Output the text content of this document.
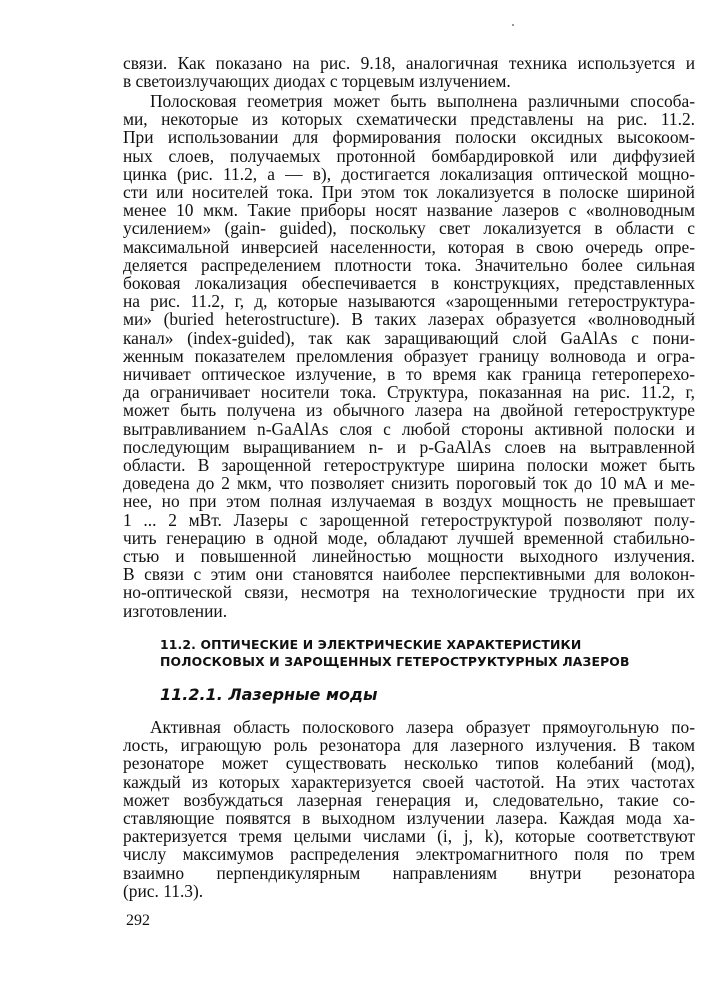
связи. Как показано на рис. 9.18, аналогичная техника используется и
в светоизлучающих диодах с торцевым излучением.
Полосковая геометрия может быть выполнена различными способа-
ми, некоторые из которых схематически представлены на рис. 11.2.
При использовании для формирования полоски оксидных высокоом-
ных слоев, получаемых протонной бомбардировкой или диффузией
цинка (рис. 11.2, а — в), достигается локализация оптической мощно-
сти или носителей тока. При этом ток локализуется в полоске шириной
менее 10 мкм. Такие приборы носят название лазеров с «волноводным
усилением» (gain- guided), поскольку свет локализуется в области с
максимальной инверсией населенности, которая в свою очередь опре-
деляется распределением плотности тока. Значительно более сильная
боковая локализация обеспечивается в конструкциях, представленных
на рис. 11.2, г, д, которые называются «зарощенными гетероструктура-
ми» (buried heterostructure). В таких лазерах образуется «волноводный
канал» (index-guided), так как заращивающий слой GaAlAs с пони-
женным показателем преломления образует границу волновода и огра-
ничивает оптическое излучение, в то время как граница гетероперехо-
да ограничивает носители тока. Структура, показанная на рис. 11.2, г,
может быть получена из обычного лазера на двойной гетероструктуре
вытравливанием n-GaAlAs слоя с любой стороны активной полоски и
последующим выращиванием n- и p-GaAlAs слоев на вытравленной
области. В зарощенной гетероструктуре ширина полоски может быть
доведена до 2 мкм, что позволяет снизить пороговый ток до 10 мА и ме-
нее, но при этом полная излучаемая в воздух мощность не превышает
1 ... 2 мВт. Лазеры с зарощенной гетероструктурой позволяют полу-
чить генерацию в одной моде, обладают лучшей временной стабильно-
стью и повышенной линейностью мощности выходного излучения.
В связи с этим они становятся наиболее перспективными для волокон-
но-оптической связи, несмотря на технологические трудности при их
изготовлении.
11.2. ОПТИЧЕСКИЕ И ЭЛЕКТРИЧЕСКИЕ ХАРАКТЕРИСТИКИ
ПОЛОСКОВЫХ И ЗАРОЩЕННЫХ ГЕТЕРОСТРУКТУРНЫХ ЛАЗЕРОВ
11.2.1. Лазерные моды
Активная область полоскового лазера образует прямоугольную по-
лость, играющую роль резонатора для лазерного излучения. В таком
резонаторе может существовать несколько типов колебаний (мод),
каждый из которых характеризуется своей частотой. На этих частотах
может возбуждаться лазерная генерация и, следовательно, такие со-
ставляющие появятся в выходном излучении лазера. Каждая мода ха-
рактеризуется тремя целыми числами (i, j, k), которые соответствуют
числу максимумов распределения электромагнитного поля по трем
взаимно перпендикулярным направлениям внутри резонатора
(рис. 11.3).
292
